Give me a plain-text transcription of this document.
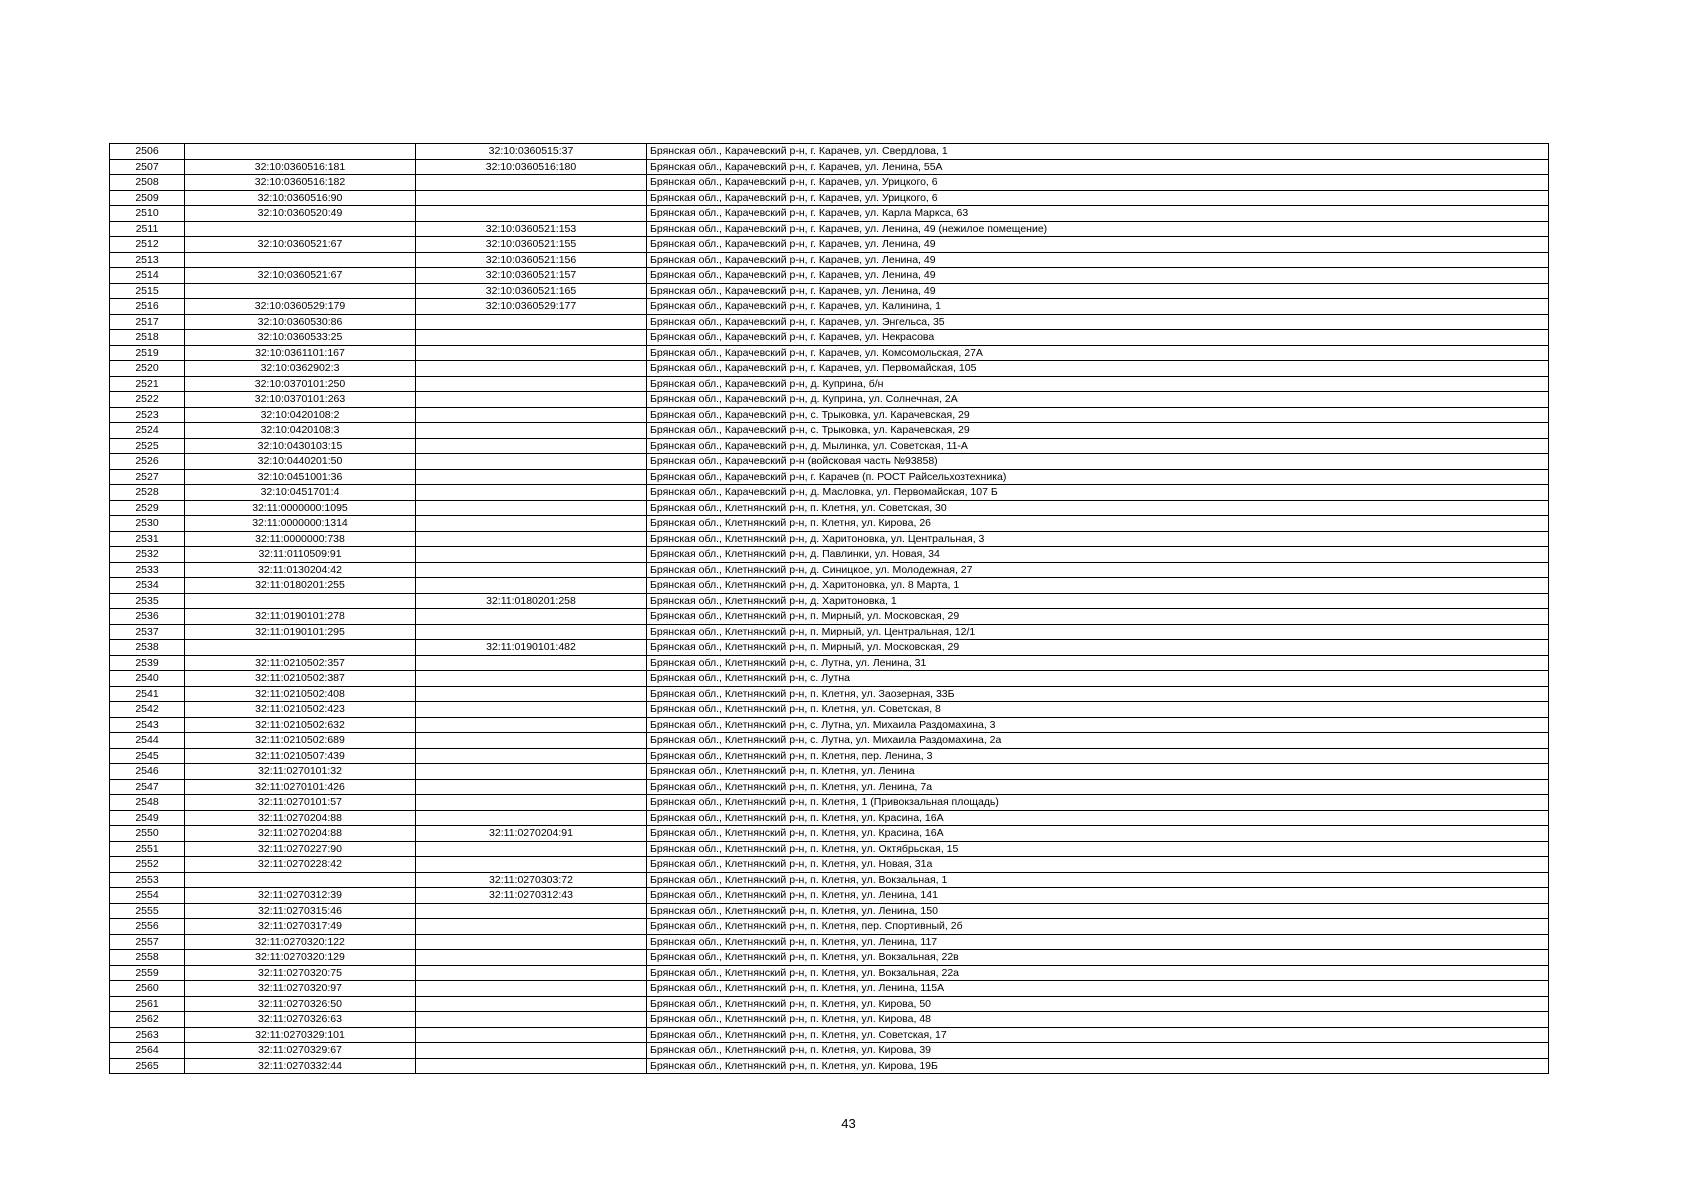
2506		32:10:0360515:37	Брянская обл., Карачевский р-н, г. Карачев, ул. Свердлова, 1
2507	32:10:0360516:181	32:10:0360516:180	Брянская обл., Карачевский р-н, г. Карачев, ул. Ленина, 55А
2508	32:10:0360516:182		Брянская обл., Карачевский р-н, г. Карачев, ул. Урицкого, 6
2509	32:10:0360516:90		Брянская обл., Карачевский р-н, г. Карачев, ул. Урицкого, 6
2510	32:10:0360520:49		Брянская обл., Карачевский р-н, г. Карачев, ул. Карла Маркса, 63
2511		32:10:0360521:153	Брянская обл., Карачевский р-н, г. Карачев, ул. Ленина, 49 (нежилое помещение)
2512	32:10:0360521:67	32:10:0360521:155	Брянская обл., Карачевский р-н, г. Карачев, ул. Ленина, 49
2513		32:10:0360521:156	Брянская обл., Карачевский р-н, г. Карачев, ул. Ленина, 49
2514	32:10:0360521:67	32:10:0360521:157	Брянская обл., Карачевский р-н, г. Карачев, ул. Ленина, 49
2515		32:10:0360521:165	Брянская обл., Карачевский р-н, г. Карачев, ул. Ленина, 49
2516	32:10:0360529:179	32:10:0360529:177	Брянская обл., Карачевский р-н, г. Карачев, ул. Калинина, 1
2517	32:10:0360530:86		Брянская обл., Карачевский р-н, г. Карачев, ул. Энгельса, 35
2518	32:10:0360533:25		Брянская обл., Карачевский р-н, г. Карачев, ул. Некрасова
2519	32:10:0361101:167		Брянская обл., Карачевский р-н, г. Карачев, ул. Комсомольская, 27А
2520	32:10:0362902:3		Брянская обл., Карачевский р-н, г. Карачев, ул. Первомайская, 105
2521	32:10:0370101:250		Брянская обл., Карачевский р-н, д. Куприна, б/н
2522	32:10:0370101:263		Брянская обл., Карачевский р-н, д. Куприна, ул. Солнечная, 2А
2523	32:10:0420108:2		Брянская обл., Карачевский р-н, с. Трыковка, ул. Карачевская, 29
2524	32:10:0420108:3		Брянская обл., Карачевский р-н, с. Трыковка, ул. Карачевская, 29
2525	32:10:0430103:15		Брянская обл., Карачевский р-н, д. Мылинка, ул. Советская, 11-А
2526	32:10:0440201:50		Брянская обл., Карачевский р-н (войсковая часть №93858)
2527	32:10:0451001:36		Брянская обл., Карачевский р-н, г. Карачев (п. РОСТ Райсельхозтехника)
2528	32:10:0451701:4		Брянская обл., Карачевский р-н, д. Масловка, ул. Первомайская, 107 Б
2529	32:11:0000000:1095		Брянская обл., Клетнянский р-н, п. Клетня, ул. Советская, 30
2530	32:11:0000000:1314		Брянская обл., Клетнянский р-н, п. Клетня, ул. Кирова, 26
2531	32:11:0000000:738		Брянская обл., Клетнянский р-н, д. Харитоновка, ул. Центральная, 3
2532	32:11:0110509:91		Брянская обл., Клетнянский р-н, д. Павлинки, ул. Новая, 34
2533	32:11:0130204:42		Брянская обл., Клетнянский р-н, д. Синицкое, ул. Молодежная, 27
2534	32:11:0180201:255		Брянская обл., Клетнянский р-н, д. Харитоновка, ул. 8 Марта, 1
2535		32:11:0180201:258	Брянская обл., Клетнянский р-н, д. Харитоновка, 1
2536	32:11:0190101:278		Брянская обл., Клетнянский р-н, п. Мирный, ул. Московская, 29
2537	32:11:0190101:295		Брянская обл., Клетнянский р-н, п. Мирный, ул. Центральная, 12/1
2538		32:11:0190101:482	Брянская обл., Клетнянский р-н, п. Мирный, ул. Московская, 29
2539	32:11:0210502:357		Брянская обл., Клетнянский р-н, с. Лутна, ул. Ленина, 31
2540	32:11:0210502:387		Брянская обл., Клетнянский р-н, с. Лутна
2541	32:11:0210502:408		Брянская обл., Клетнянский р-н, п. Клетня, ул. Заозерная, 33Б
2542	32:11:0210502:423		Брянская обл., Клетнянский р-н, п. Клетня, ул. Советская, 8
2543	32:11:0210502:632		Брянская обл., Клетнянский р-н, с. Лутна, ул. Михаила Раздомахина, 3
2544	32:11:0210502:689		Брянская обл., Клетнянский р-н, с. Лутна, ул. Михаила Раздомахина, 2а
2545	32:11:0210507:439		Брянская обл., Клетнянский р-н, п. Клетня, пер. Ленина, 3
2546	32:11:0270101:32		Брянская обл., Клетнянский р-н, п. Клетня, ул. Ленина
2547	32:11:0270101:426		Брянская обл., Клетнянский р-н, п. Клетня, ул. Ленина, 7а
2548	32:11:0270101:57		Брянская обл., Клетнянский р-н, п. Клетня, 1 (Привокзальная площадь)
2549	32:11:0270204:88		Брянская обл., Клетнянский р-н, п. Клетня, ул. Красина, 16А
2550	32:11:0270204:88	32:11:0270204:91	Брянская обл., Клетнянский р-н, п. Клетня, ул. Красина, 16А
2551	32:11:0270227:90		Брянская обл., Клетнянский р-н, п. Клетня, ул. Октябрьская, 15
2552	32:11:0270228:42		Брянская обл., Клетнянский р-н, п. Клетня, ул. Новая, 31а
2553		32:11:0270303:72	Брянская обл., Клетнянский р-н, п. Клетня, ул. Вокзальная, 1
2554	32:11:0270312:39	32:11:0270312:43	Брянская обл., Клетнянский р-н, п. Клетня, ул. Ленина, 141
2555	32:11:0270315:46		Брянская обл., Клетнянский р-н, п. Клетня, ул. Ленина, 150
2556	32:11:0270317:49		Брянская обл., Клетнянский р-н, п. Клетня, пер. Спортивный, 2б
2557	32:11:0270320:122		Брянская обл., Клетнянский р-н, п. Клетня, ул. Ленина, 117
2558	32:11:0270320:129		Брянская обл., Клетнянский р-н, п. Клетня, ул. Вокзальная, 22в
2559	32:11:0270320:75		Брянская обл., Клетнянский р-н, п. Клетня, ул. Вокзальная, 22а
2560	32:11:0270320:97		Брянская обл., Клетнянский р-н, п. Клетня, ул. Ленина, 115А
2561	32:11:0270326:50		Брянская обл., Клетнянский р-н, п. Клетня, ул. Кирова, 50
2562	32:11:0270326:63		Брянская обл., Клетнянский р-н, п. Клетня, ул. Кирова, 48
2563	32:11:0270329:101		Брянская обл., Клетнянский р-н, п. Клетня, ул. Советская, 17
2564	32:11:0270329:67		Брянская обл., Клетнянский р-н, п. Клетня, ул. Кирова, 39
2565	32:11:0270332:44		Брянская обл., Клетнянский р-н, п. Клетня, ул. Кирова, 19Б
43
